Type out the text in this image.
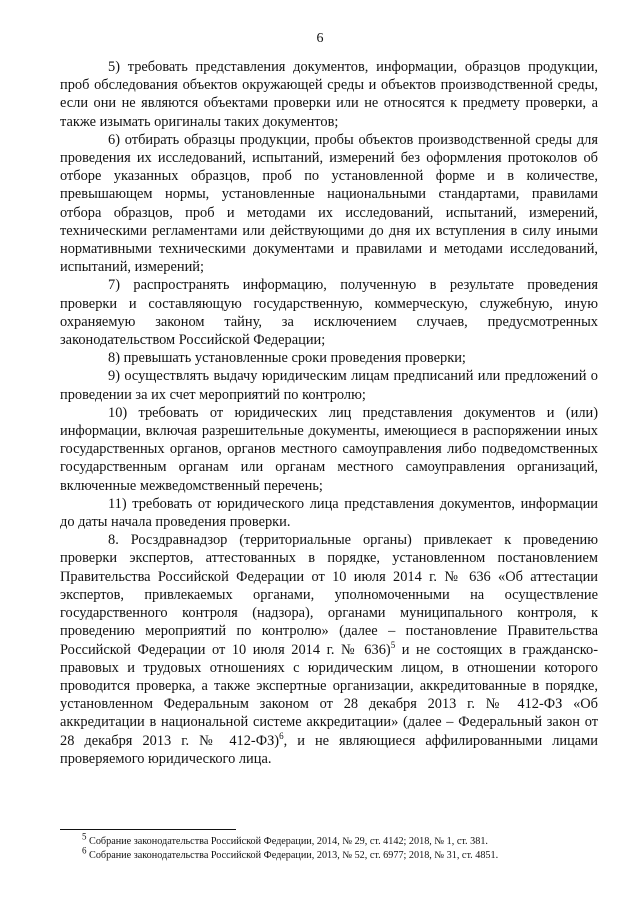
6

5) требовать представления документов, информации, образцов продукции, проб обследования объектов окружающей среды и объектов производственной среды, если они не являются объектами проверки или не относятся к предмету проверки, а также изымать оригиналы таких документов;

6) отбирать образцы продукции, пробы объектов производственной среды для проведения их исследований, испытаний, измерений без оформления протоколов об отборе указанных образцов, проб по установленной форме и в количестве, превышающем нормы, установленные национальными стандартами, правилами отбора образцов, проб и методами их исследований, испытаний, измерений, техническими регламентами или действующими до дня их вступления в силу иными нормативными техническими документами и правилами и методами исследований, испытаний, измерений;

7) распространять информацию, полученную в результате проведения проверки и составляющую государственную, коммерческую, служебную, иную охраняемую законом тайну, за исключением случаев, предусмотренных законодательством Российской Федерации;

8) превышать установленные сроки проведения проверки;

9) осуществлять выдачу юридическим лицам предписаний или предложений о проведении за их счет мероприятий по контролю;

10) требовать от юридических лиц представления документов и (или) информации, включая разрешительные документы, имеющиеся в распоряжении иных государственных органов, органов местного самоуправления либо подведомственных государственным органам или органам местного самоуправления организаций, включенные межведомственный перечень;

11) требовать от юридического лица представления документов, информации до даты начала проведения проверки.

8. Росздравнадзор (территориальные органы) привлекает к проведению проверки экспертов, аттестованных в порядке, установленном постановлением Правительства Российской Федерации от 10 июля 2014 г. № 636 «Об аттестации экспертов, привлекаемых органами, уполномоченными на осуществление государственного контроля (надзора), органами муниципального контроля, к проведению мероприятий по контролю» (далее – постановление Правительства Российской Федерации от 10 июля 2014 г. № 636)$^5$ и не состоящих в гражданско-правовых и трудовых отношениях с юридическим лицом, в отношении которого проводится проверка, а также экспертные организации, аккредитованные в порядке, установленном Федеральным законом от 28 декабря 2013 г. № 412-ФЗ «Об аккредитации в национальной системе аккредитации» (далее – Федеральный закон от 28 декабря 2013 г. № 412-ФЗ)$^6$, и не являющиеся аффилированными лицами проверяемого юридического лица.

$^5$ Собрание законодательства Российской Федерации, 2014, № 29, ст. 4142; 2018, № 1, ст. 381.

$^6$ Собрание законодательства Российской Федерации, 2013, № 52, ст. 6977; 2018, № 31, ст. 4851.
